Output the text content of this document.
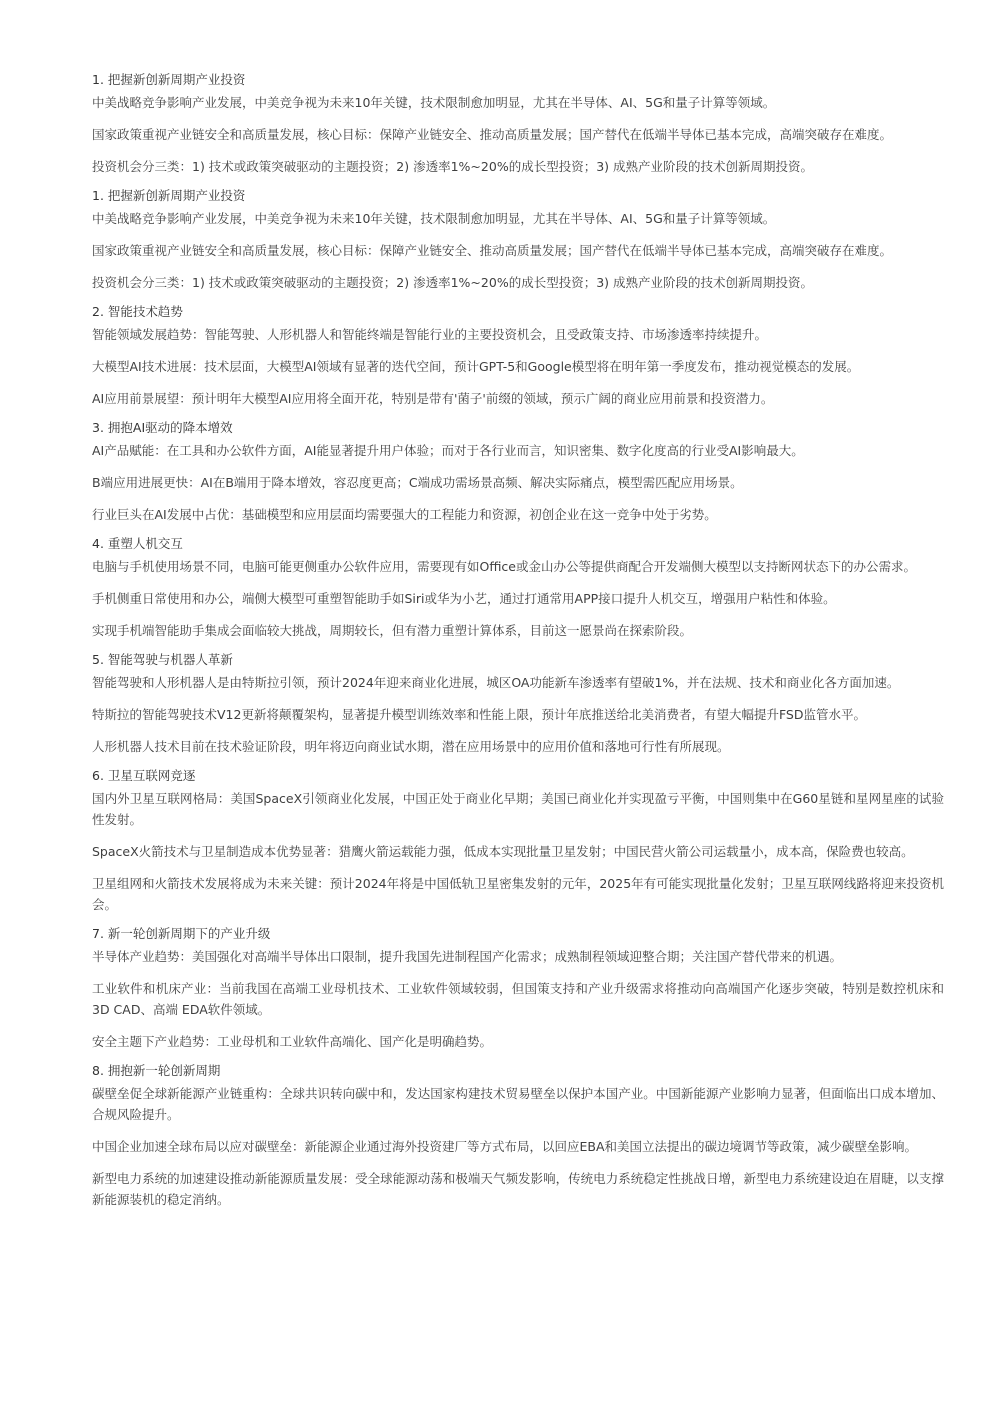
1. 把握新创新周期产业投资

中美战略竞争影响产业发展，中美竞争视为未来10年关键，技术限制愈加明显，尤其在半导体、AI、5G和量子计算等领域。

国家政策重视产业链安全和高质量发展，核心目标：保障产业链安全、推动高质量发展；国产替代在低端半导体已基本完成，高端突破存在难度。

投资机会分三类：1) 技术或政策突破驱动的主题投资；2) 渗透率1%~20%的成长型投资；3) 成熟产业阶段的技术创新周期投资。

1. 把握新创新周期产业投资

中美战略竞争影响产业发展，中美竞争视为未来10年关键，技术限制愈加明显，尤其在半导体、AI、5G和量子计算等领域。

国家政策重视产业链安全和高质量发展，核心目标：保障产业链安全、推动高质量发展；国产替代在低端半导体已基本完成，高端突破存在难度。

投资机会分三类：1) 技术或政策突破驱动的主题投资；2) 渗透率1%~20%的成长型投资；3) 成熟产业阶段的技术创新周期投资。

2. 智能技术趋势

智能领域发展趋势：智能驾驶、人形机器人和智能终端是智能行业的主要投资机会，且受政策支持、市场渗透率持续提升。

大模型AI技术进展：技术层面，大模型AI领域有显著的迭代空间，预计GPT-5和Google模型将在明年第一季度发布，推动视觉模态的发展。

AI应用前景展望：预计明年大模型AI应用将全面开花，特别是带有'菌子'前缀的领域，预示广阔的商业应用前景和投资潜力。

3. 拥抱AI驱动的降本增效

AI产品赋能：在工具和办公软件方面，AI能显著提升用户体验；而对于各行业而言，知识密集、数字化度高的行业受AI影响最大。

B端应用进展更快：AI在B端用于降本增效，容忍度更高；C端成功需场景高频、解决实际痛点，模型需匹配应用场景。

行业巨头在AI发展中占优：基础模型和应用层面均需要强大的工程能力和资源，初创企业在这一竞争中处于劣势。

4. 重塑人机交互

电脑与手机使用场景不同，电脑可能更侧重办公软件应用，需要现有如Office或金山办公等提供商配合开发端侧大模型以支持断网状态下的办公需求。

手机侧重日常使用和办公，端侧大模型可重塑智能助手如Siri或华为小艺，通过打通常用APP接口提升人机交互，增强用户粘性和体验。

实现手机端智能助手集成会面临较大挑战，周期较长，但有潜力重塑计算体系，目前这一愿景尚在探索阶段。

5. 智能驾驶与机器人革新

智能驾驶和人形机器人是由特斯拉引领，预计2024年迎来商业化进展，城区OA功能新车渗透率有望破1%，并在法规、技术和商业化各方面加速。

特斯拉的智能驾驶技术V12更新将颠覆架构，显著提升模型训练效率和性能上限，预计年底推送给北美消费者，有望大幅提升FSD监管水平。

人形机器人技术目前在技术验证阶段，明年将迈向商业试水期，潜在应用场景中的应用价值和落地可行性有所展现。

6. 卫星互联网竞逐

国内外卫星互联网格局：美国SpaceX引领商业化发展，中国正处于商业化早期；美国已商业化并实现盈亏平衡，中国则集中在G60星链和星网星座的试验性发射。

SpaceX火箭技术与卫星制造成本优势显著：猎鹰火箭运载能力强，低成本实现批量卫星发射；中国民营火箭公司运载量小，成本高，保险费也较高。

卫星组网和火箭技术发展将成为未来关键：预计2024年将是中国低轨卫星密集发射的元年，2025年有可能实现批量化发射；卫星互联网线路将迎来投资机会。

7. 新一轮创新周期下的产业升级

半导体产业趋势：美国强化对高端半导体出口限制，提升我国先进制程国产化需求；成熟制程领域迎整合期；关注国产替代带来的机遇。

工业软件和机床产业：当前我国在高端工业母机技术、工业软件领域较弱，但国策支持和产业升级需求将推动向高端国产化逐步突破，特别是数控机床和3D CAD、高端 EDA软件领域。

安全主题下产业趋势：工业母机和工业软件高端化、国产化是明确趋势。

8. 拥抱新一轮创新周期

碳壁垒促全球新能源产业链重构：全球共识转向碳中和，发达国家构建技术贸易壁垒以保护本国产业。中国新能源产业影响力显著，但面临出口成本增加、合规风险提升。

中国企业加速全球布局以应对碳壁垒：新能源企业通过海外投资建厂等方式布局，以回应EBA和美国立法提出的碳边境调节等政策，减少碳壁垒影响。

新型电力系统的加速建设推动新能源质量发展：受全球能源动荡和极端天气频发影响，传统电力系统稳定性挑战日增，新型电力系统建设迫在眉睫，以支撑新能源装机的稳定消纳。
